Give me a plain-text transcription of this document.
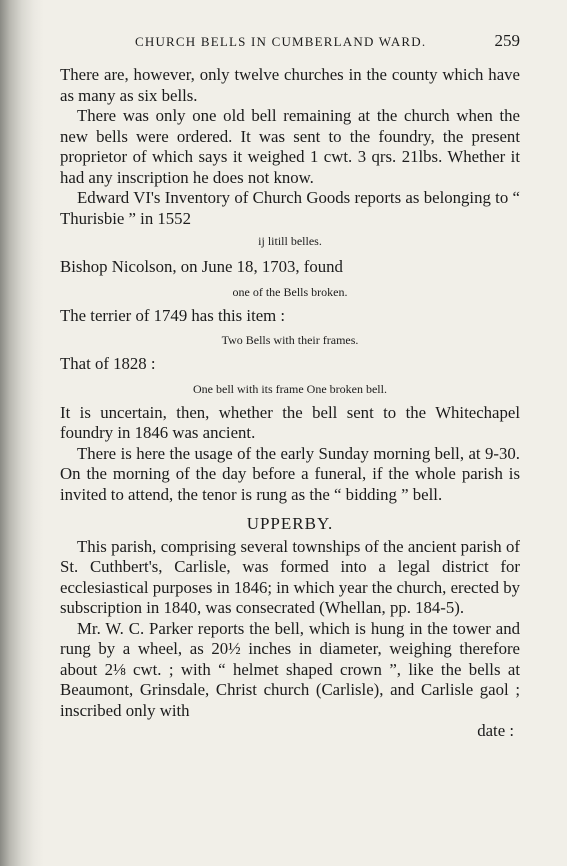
CHURCH BELLS IN CUMBERLAND WARD.	259

There are, however, only twelve churches in the county which have as many as six bells.

There was only one old bell remaining at the church when the new bells were ordered. It was sent to the foundry, the present proprietor of which says it weighed 1 cwt. 3 qrs. 21lbs. Whether it had any inscription he does not know.

Edward VI's Inventory of Church Goods reports as belonging to “ Thurisbie ” in 1552

ij litill belles.

Bishop Nicolson, on June 18, 1703, found

one of the Bells broken.

The terrier of 1749 has this item :

Two Bells with their frames.

That of 1828 :

One bell with its frame One broken bell.

It is uncertain, then, whether the bell sent to the Whitechapel foundry in 1846 was ancient.

There is here the usage of the early Sunday morning bell, at 9-30. On the morning of the day before a funeral, if the whole parish is invited to attend, the tenor is rung as the “ bidding ” bell.

UPPERBY.

This parish, comprising several townships of the ancient parish of St. Cuthbert's, Carlisle, was formed into a legal district for ecclesiastical purposes in 1846; in which year the church, erected by subscription in 1840, was consecrated (Whellan, pp. 184-5).

Mr. W. C. Parker reports the bell, which is hung in the tower and rung by a wheel, as 20½ inches in diameter, weighing therefore about 2⅛ cwt. ; with “ helmet shaped crown ”, like the bells at Beaumont, Grinsdale, Christ church (Carlisle), and Carlisle gaol ; inscribed only with

date :
